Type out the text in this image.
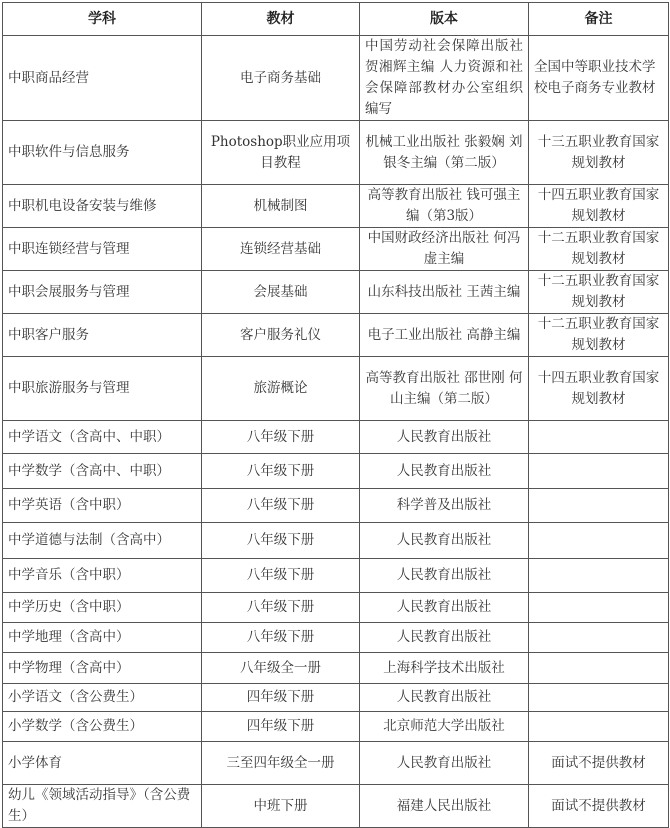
学科	教材	版本	备注
中职商品经营	电子商务基础	中国劳动社会保障出版社 贺湘辉主编 人力资源和社会保障部教材办公室组织编写	全国中等职业技术学校电子商务专业教材
中职软件与信息服务	Photoshop职业应用项目教程	机械工业出版社 张毅娴 刘银冬主编（第二版）	十三五职业教育国家规划教材
中职机电设备安装与维修	机械制图	高等教育出版社 钱可强主编（第3版）	十四五职业教育国家规划教材
中职连锁经营与管理	连锁经营基础	中国财政经济出版社 何冯虚主编	十二五职业教育国家规划教材
中职会展服务与管理	会展基础	山东科技出版社 王茜主编	十二五职业教育国家规划教材
中职客户服务	客户服务礼仪	电子工业出版社 高静主编	十二五职业教育国家规划教材
中职旅游服务与管理	旅游概论	高等教育出版社 邵世刚 何山主编（第二版）	十四五职业教育国家规划教材
中学语文（含高中、中职）	八年级下册	人民教育出版社	
中学数学（含高中、中职）	八年级下册	人民教育出版社	
中学英语（含中职）	八年级下册	科学普及出版社	
中学道德与法制（含高中）	八年级下册	人民教育出版社	
中学音乐（含中职）	八年级下册	人民教育出版社	
中学历史（含中职）	八年级下册	人民教育出版社	
中学地理（含高中）	八年级下册	人民教育出版社	
中学物理（含高中）	八年级全一册	上海科学技术出版社	
小学语文（含公费生）	四年级下册	人民教育出版社	
小学数学（含公费生）	四年级下册	北京师范大学出版社	
小学体育	三至四年级全一册	人民教育出版社	面试不提供教材
幼儿《领域活动指导》（含公费生）	中班下册	福建人民出版社	面试不提供教材
